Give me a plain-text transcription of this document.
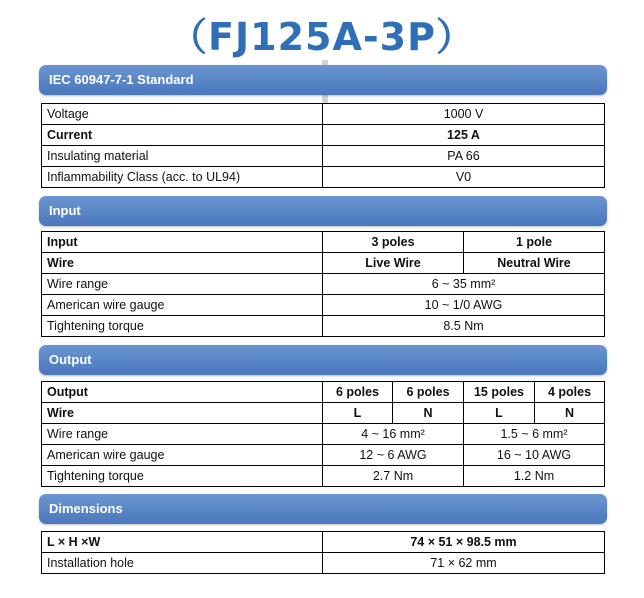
（FJ125A-3P）
IEC 60947-7-1 Standard
Voltage	1000 V
Current	125 A
Insulating material	PA 66
Inflammability Class (acc. to UL94)	V0
Input
Input	3 poles	1 pole
Wire	Live Wire	Neutral Wire
Wire range	6 ~ 35 mm²	
American wire gauge	10 ~ 1/0 AWG	
Tightening torque	8.5 Nm	
Output
Output	6 poles	6 poles	15 poles	4 poles
Wire	L	N	L	N
Wire range	4 ~ 16 mm²		1.5 ~ 6 mm²	
American wire gauge	12 ~ 6 AWG		16 ~ 10 AWG	
Tightening torque	2.7 Nm		1.2 Nm	
Dimensions
L × H ×W	74 × 51 × 98.5 mm
Installation hole	71 × 62 mm
